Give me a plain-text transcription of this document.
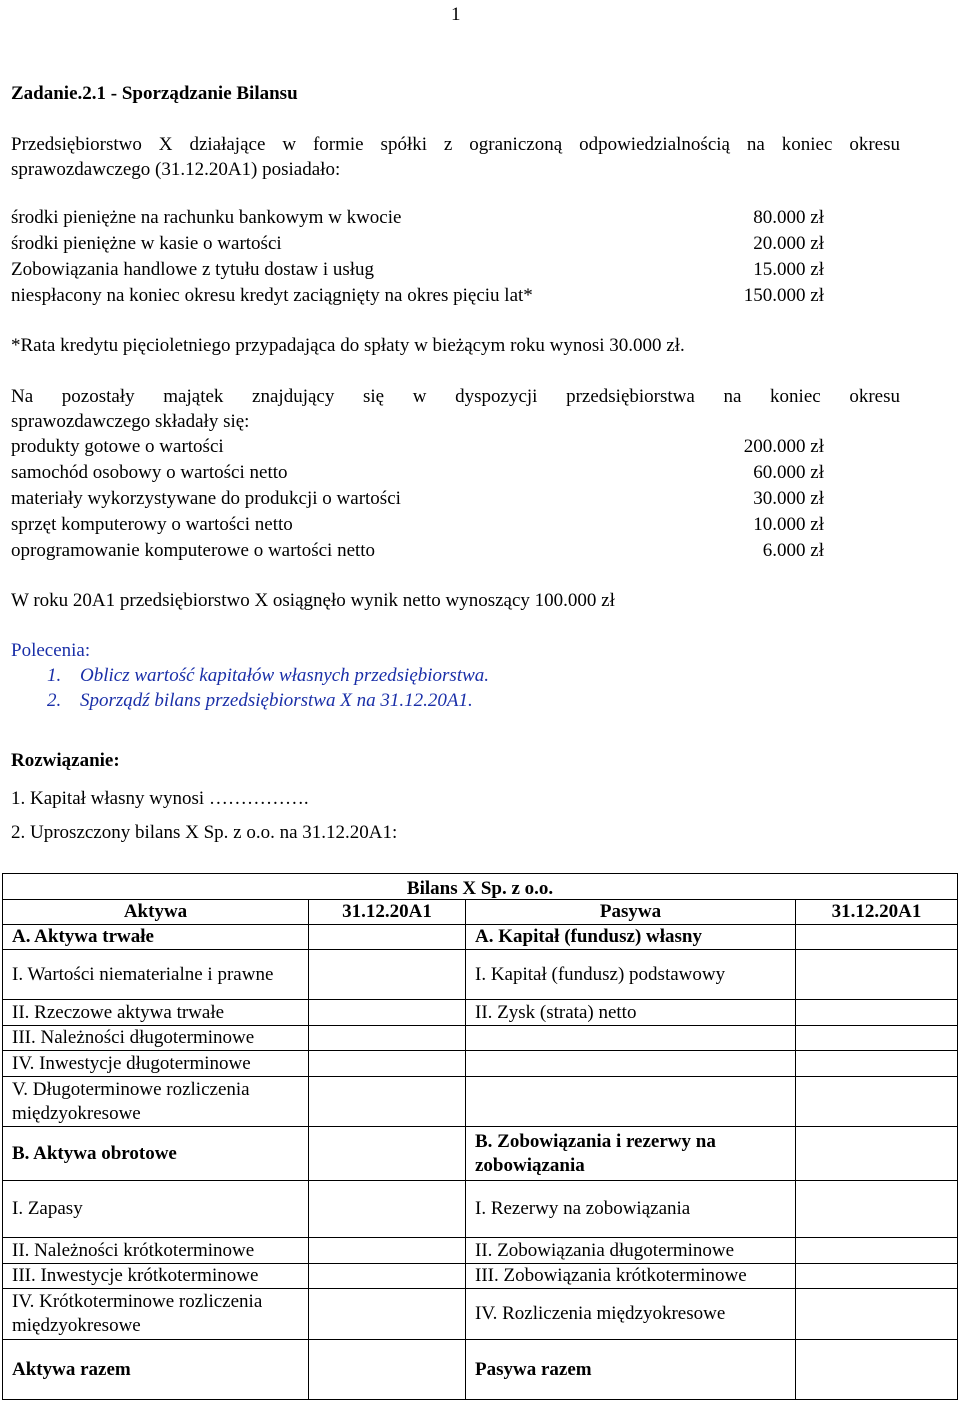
1
Zadanie.2.1 - Sporządzanie Bilansu
Przedsiębiorstwo X działające w formie spółki z ograniczoną odpowiedzialnością na koniec okresu
sprawozdawczego (31.12.20A1) posiadało:
środki pieniężne na rachunku bankowym w kwocie	80.000 zł
środki pieniężne w kasie o wartości	20.000 zł
Zobowiązania handlowe z tytułu dostaw i usług	15.000 zł
niespłacony na koniec okresu kredyt zaciągnięty na okres pięciu lat*	150.000 zł
*Rata kredytu pięcioletniego przypadająca do spłaty w bieżącym roku wynosi 30.000 zł.
Na pozostały majątek znajdujący się w dyspozycji przedsiębiorstwa na koniec okresu
sprawozdawczego składały się:
produkty gotowe o wartości	200.000 zł
samochód osobowy o wartości netto	60.000 zł
materiały wykorzystywane do produkcji o wartości	30.000 zł
sprzęt komputerowy o wartości netto	10.000 zł
oprogramowanie komputerowe o wartości netto	6.000 zł
W roku 20A1 przedsiębiorstwo X osiągnęło wynik netto wynoszący 100.000 zł
Polecenia:
1. Oblicz wartość kapitałów własnych przedsiębiorstwa.
2. Sporządź bilans przedsiębiorstwa X na 31.12.20A1.
Rozwiązanie:
1. Kapitał własny wynosi …………….
2. Uproszczony bilans X Sp. z o.o. na 31.12.20A1:
Bilans X Sp. z o.o.			
Aktywa	31.12.20A1	Pasywa	31.12.20A1
A. Aktywa trwałe		A. Kapitał (fundusz) własny	
I. Wartości niematerialne i prawne		I. Kapitał (fundusz) podstawowy	
II. Rzeczowe aktywa trwałe		II. Zysk (strata) netto	
III. Należności długoterminowe			
IV. Inwestycje długoterminowe			
V. Długoterminowe rozliczenia międzyokresowe			
B. Aktywa obrotowe		B. Zobowiązania i rezerwy na zobowiązania	
I. Zapasy		I. Rezerwy na zobowiązania	
II. Należności krótkoterminowe		II. Zobowiązania długoterminowe	
III. Inwestycje krótkoterminowe		III. Zobowiązania krótkoterminowe	
IV. Krótkoterminowe rozliczenia międzyokresowe		IV. Rozliczenia międzyokresowe	
Aktywa razem		Pasywa razem	
